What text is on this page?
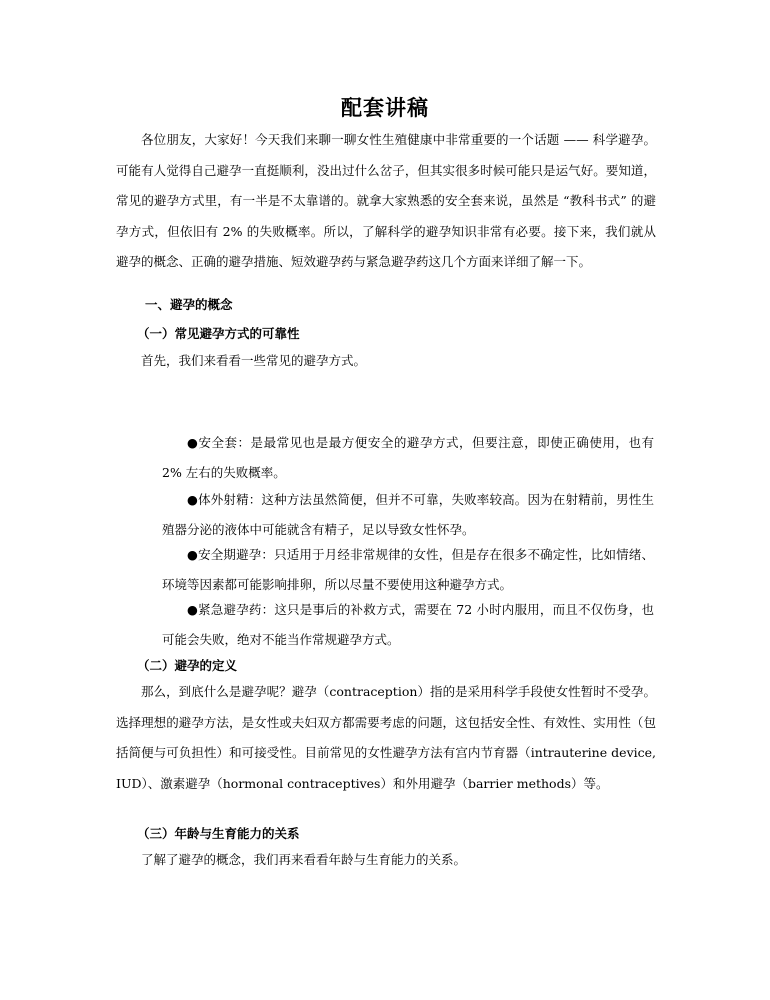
配套讲稿
各位朋友，大家好！今天我们来聊一聊女性生殖健康中非常重要的一个话题 —— 科学避孕。可能有人觉得自己避孕一直挺顺利，没出过什么岔子，但其实很多时候可能只是运气好。要知道，常见的避孕方式里，有一半是不太靠谱的。就拿大家熟悉的安全套来说，虽然是 “教科书式” 的避孕方式，但依旧有 2% 的失败概率。所以，了解科学的避孕知识非常有必要。接下来，我们就从避孕的概念、正确的避孕措施、短效避孕药与紧急避孕药这几个方面来详细了解一下。
一、避孕的概念
（一）常见避孕方式的可靠性
首先，我们来看看一些常见的避孕方式。
●安全套：是最常见也是最方便安全的避孕方式，但要注意，即使正确使用，也有 2% 左右的失败概率。
●体外射精：这种方法虽然简便，但并不可靠，失败率较高。因为在射精前，男性生殖器分泌的液体中可能就含有精子，足以导致女性怀孕。
●安全期避孕：只适用于月经非常规律的女性，但是存在很多不确定性，比如情绪、环境等因素都可能影响排卵，所以尽量不要使用这种避孕方式。
●紧急避孕药：这只是事后的补救方式，需要在 72 小时内服用，而且不仅伤身，也可能会失败，绝对不能当作常规避孕方式。
（二）避孕的定义
那么，到底什么是避孕呢？避孕（contraception）指的是采用科学手段使女性暂时不受孕。选择理想的避孕方法，是女性或夫妇双方都需要考虑的问题，这包括安全性、有效性、实用性（包括简便与可负担性）和可接受性。目前常见的女性避孕方法有宫内节育器（intrauterine device, IUD）、激素避孕（hormonal contraceptives）和外用避孕（barrier methods）等。
（三）年龄与生育能力的关系
了解了避孕的概念，我们再来看看年龄与生育能力的关系。
